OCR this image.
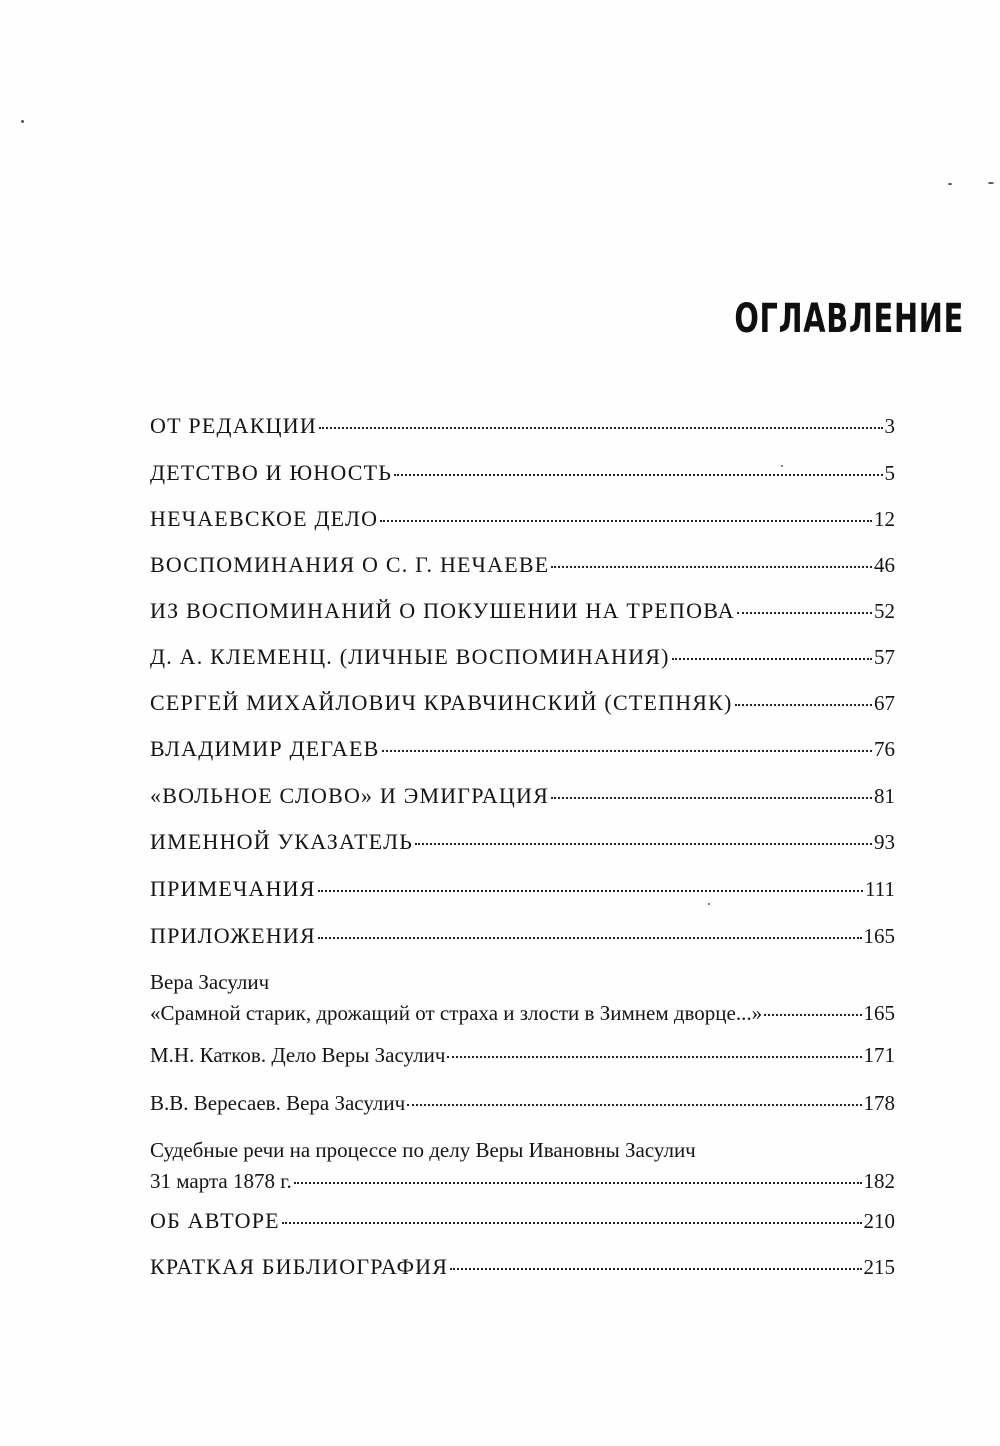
ОГЛАВЛЕНИЕ
ОТ РЕДАКЦИИ	3
ДЕТСТВО И ЮНОСТЬ	5
НЕЧАЕВСКОЕ ДЕЛО	12
ВОСПОМИНАНИЯ О С. Г. НЕЧАЕВЕ	46
ИЗ ВОСПОМИНАНИЙ О ПОКУШЕНИИ НА ТРЕПОВА	52
Д. А. КЛЕМЕНЦ. (ЛИЧНЫЕ ВОСПОМИНАНИЯ)	57
СЕРГЕЙ МИХАЙЛОВИЧ КРАВЧИНСКИЙ (СТЕПНЯК)	67
ВЛАДИМИР ДЕГАЕВ	76
«ВОЛЬНОЕ СЛОВО» И ЭМИГРАЦИЯ	81
ИМЕННОЙ УКАЗАТЕЛЬ	93
ПРИМЕЧАНИЯ	111
ПРИЛОЖЕНИЯ	165
Вера Засулич
«Срамной старик, дрожащий от страха и злости в Зимнем дворце...»	165
М.Н. Катков. Дело Веры Засулич	171
В.В. Вересаев. Вера Засулич	178
Судебные речи на процессе по делу Веры Ивановны Засулич
31 марта 1878 г.	182
ОБ АВТОРЕ	210
КРАТКАЯ БИБЛИОГРАФИЯ	215
